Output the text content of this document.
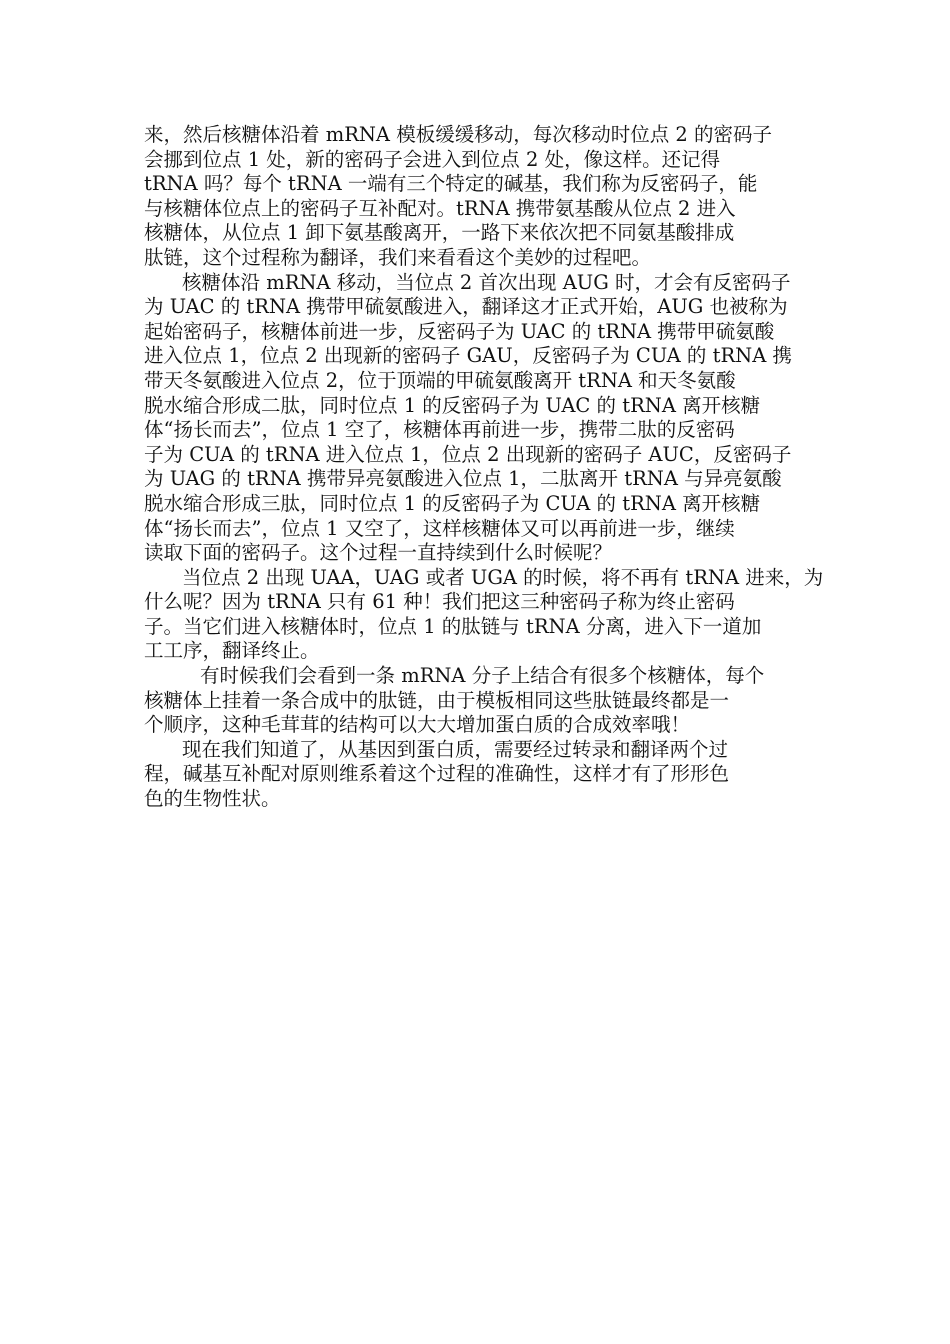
来，然后核糖体沿着 mRNA 模板缓缓移动，每次移动时位点 2 的密码子
会挪到位点 1 处，新的密码子会进入到位点 2 处，像这样。还记得
tRNA 吗？每个 tRNA 一端有三个特定的碱基，我们称为反密码子，能
与核糖体位点上的密码子互补配对。tRNA 携带氨基酸从位点 2 进入
核糖体，从位点 1 卸下氨基酸离开，一路下来依次把不同氨基酸排成
肽链，这个过程称为翻译，我们来看看这个美妙的过程吧。
核糖体沿 mRNA 移动，当位点 2 首次出现 AUG 时，才会有反密码子
为 UAC 的 tRNA 携带甲硫氨酸进入，翻译这才正式开始，AUG 也被称为
起始密码子，核糖体前进一步，反密码子为 UAC 的 tRNA 携带甲硫氨酸
进入位点 1，位点 2 出现新的密码子 GAU，反密码子为 CUA 的 tRNA 携
带天冬氨酸进入位点 2，位于顶端的甲硫氨酸离开 tRNA 和天冬氨酸
脱水缩合形成二肽，同时位点 1 的反密码子为 UAC 的 tRNA 离开核糖
体“扬长而去”，位点 1 空了，核糖体再前进一步，携带二肽的反密码
子为 CUA 的 tRNA 进入位点 1，位点 2 出现新的密码子 AUC，反密码子
为 UAG 的 tRNA 携带异亮氨酸进入位点 1，二肽离开 tRNA 与异亮氨酸
脱水缩合形成三肽，同时位点 1 的反密码子为 CUA 的 tRNA 离开核糖
体“扬长而去”，位点 1 又空了，这样核糖体又可以再前进一步，继续
读取下面的密码子。这个过程一直持续到什么时候呢？
当位点 2 出现 UAA，UAG 或者 UGA 的时候，将不再有 tRNA 进来，为
什么呢？因为 tRNA 只有 61 种！我们把这三种密码子称为终止密码
子。当它们进入核糖体时，位点 1 的肽链与 tRNA 分离，进入下一道加
工工序，翻译终止。
有时候我们会看到一条 mRNA 分子上结合有很多个核糖体，每个
核糖体上挂着一条合成中的肽链，由于模板相同这些肽链最终都是一
个顺序，这种毛茸茸的结构可以大大增加蛋白质的合成效率哦！
现在我们知道了，从基因到蛋白质，需要经过转录和翻译两个过
程，碱基互补配对原则维系着这个过程的准确性，这样才有了形形色
色的生物性状。
